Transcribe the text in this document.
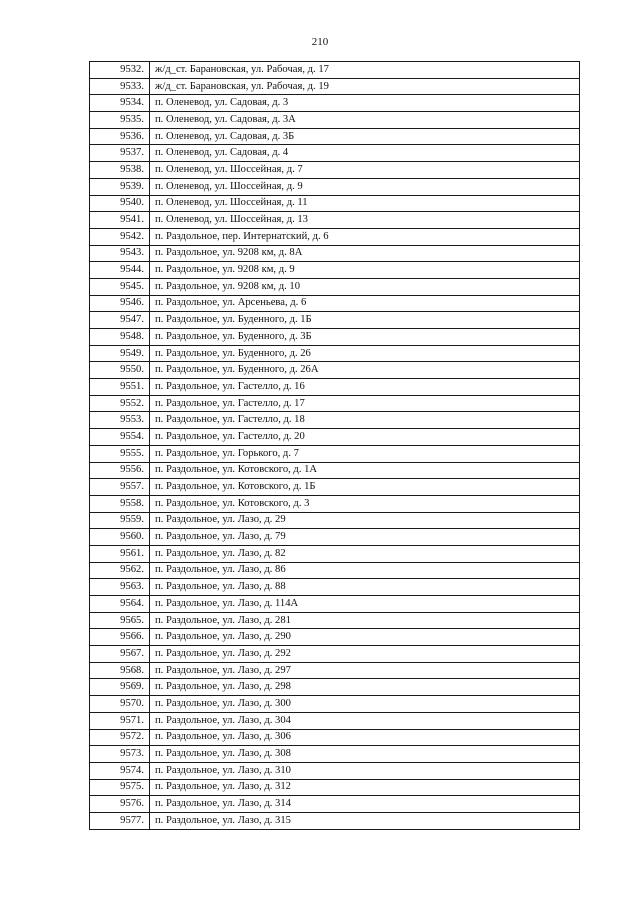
210
9532.	ж/д_ст. Барановская, ул. Рабочая, д. 17
9533.	ж/д_ст. Барановская, ул. Рабочая, д. 19
9534.	п. Оленевод, ул. Садовая, д. 3
9535.	п. Оленевод, ул. Садовая, д. 3А
9536.	п. Оленевод, ул. Садовая, д. 3Б
9537.	п. Оленевод, ул. Садовая, д. 4
9538.	п. Оленевод, ул. Шоссейная, д. 7
9539.	п. Оленевод, ул. Шоссейная, д. 9
9540.	п. Оленевод, ул. Шоссейная, д. 11
9541.	п. Оленевод, ул. Шоссейная, д. 13
9542.	п. Раздольное, пер. Интернатский, д. 6
9543.	п. Раздольное, ул. 9208 км, д. 8А
9544.	п. Раздольное, ул. 9208 км, д. 9
9545.	п. Раздольное, ул. 9208 км, д. 10
9546.	п. Раздольное, ул. Арсеньева, д. 6
9547.	п. Раздольное, ул. Буденного, д. 1Б
9548.	п. Раздольное, ул. Буденного, д. 3Б
9549.	п. Раздольное, ул. Буденного, д. 26
9550.	п. Раздольное, ул. Буденного, д. 26А
9551.	п. Раздольное, ул. Гастелло, д. 16
9552.	п. Раздольное, ул. Гастелло, д. 17
9553.	п. Раздольное, ул. Гастелло, д. 18
9554.	п. Раздольное, ул. Гастелло, д. 20
9555.	п. Раздольное, ул. Горького, д. 7
9556.	п. Раздольное, ул. Котовского, д. 1А
9557.	п. Раздольное, ул. Котовского, д. 1Б
9558.	п. Раздольное, ул. Котовского, д. 3
9559.	п. Раздольное, ул. Лазо, д. 29
9560.	п. Раздольное, ул. Лазо, д. 79
9561.	п. Раздольное, ул. Лазо, д. 82
9562.	п. Раздольное, ул. Лазо, д. 86
9563.	п. Раздольное, ул. Лазо, д. 88
9564.	п. Раздольное, ул. Лазо, д. 114А
9565.	п. Раздольное, ул. Лазо, д. 281
9566.	п. Раздольное, ул. Лазо, д. 290
9567.	п. Раздольное, ул. Лазо, д. 292
9568.	п. Раздольное, ул. Лазо, д. 297
9569.	п. Раздольное, ул. Лазо, д. 298
9570.	п. Раздольное, ул. Лазо, д. 300
9571.	п. Раздольное, ул. Лазо, д. 304
9572.	п. Раздольное, ул. Лазо, д. 306
9573.	п. Раздольное, ул. Лазо, д. 308
9574.	п. Раздольное, ул. Лазо, д. 310
9575.	п. Раздольное, ул. Лазо, д. 312
9576.	п. Раздольное, ул. Лазо, д. 314
9577.	п. Раздольное, ул. Лазо, д. 315
